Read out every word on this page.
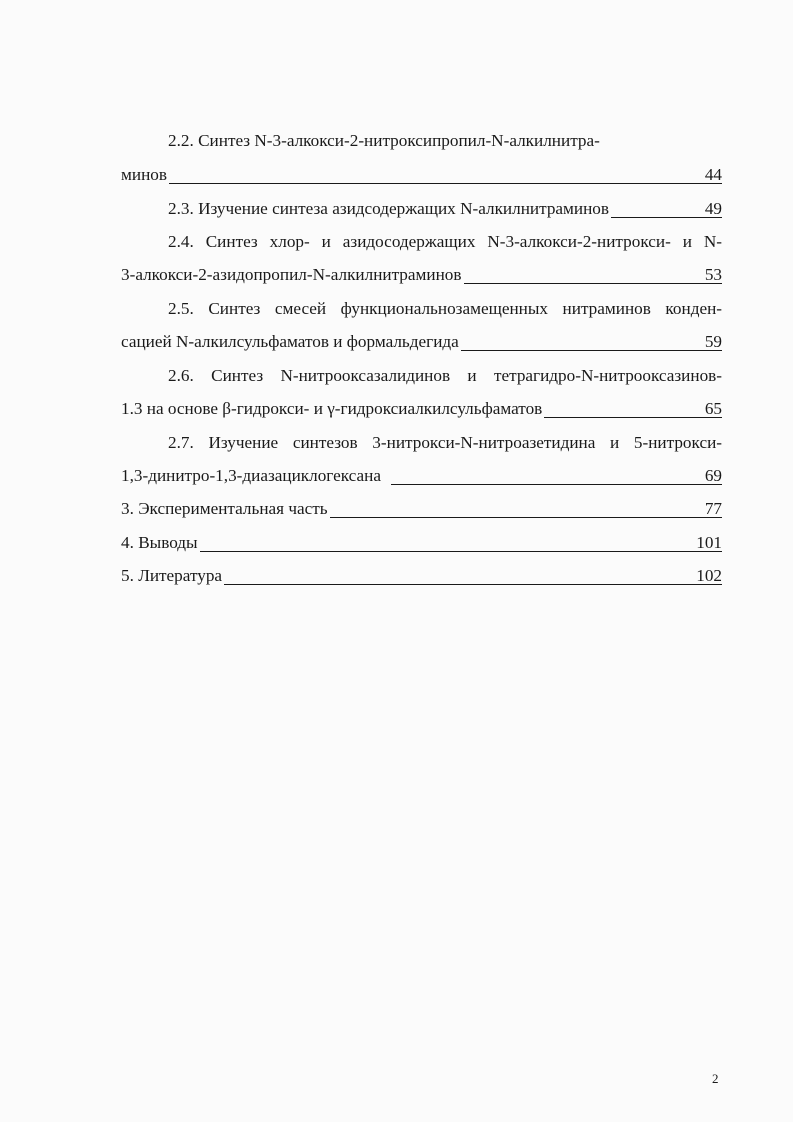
2.2. Синтез N-3-алкокси-2-нитроксипропил-N-алкилнитра-
минов	44
2.3. Изучение синтеза азидсодержащих N-алкилнитраминов	49
2.4. Синтез хлор- и азидосодержащих N-3-алкокси-2-нитрокси- и N-
3-алкокси-2-азидопропил-N-алкилнитраминов	53
2.5. Синтез смесей функциональнозамещенных нитраминов конден-
сацией N-алкилсульфаматов и формальдегида	59
2.6. Синтез N-нитрооксазалидинов и тетрагидро-N-нитрооксазинов-
1.3 на основе β-гидрокси- и γ-гидроксиалкилсульфаматов	65
2.7. Изучение синтезов 3-нитрокси-N-нитроазетидина и 5-нитрокси-
1,3-динитро-1,3-диазациклогексана	69
3. Экспериментальная часть	77
4. Выводы	101
5. Литература	102
2
